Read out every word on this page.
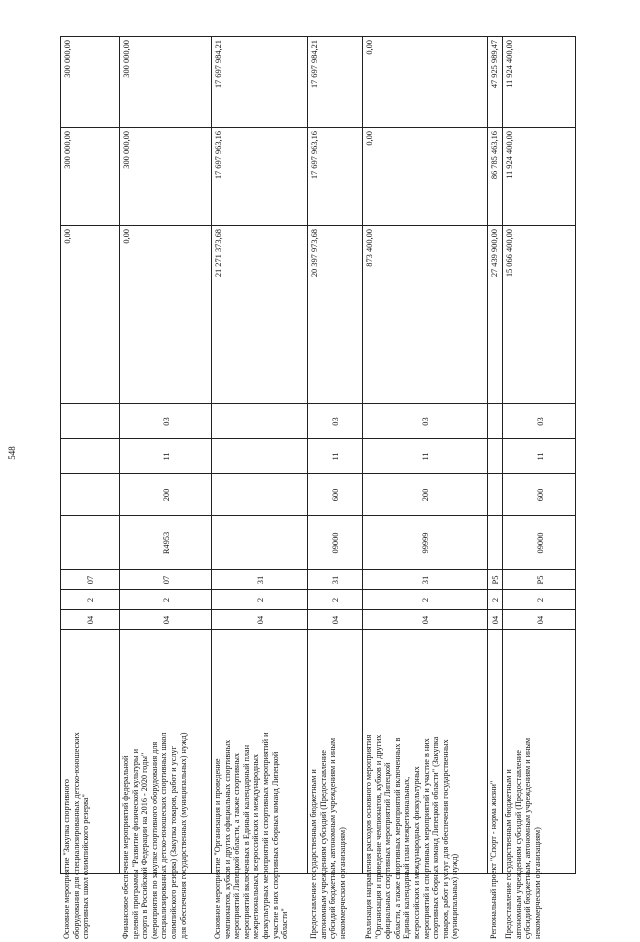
548
300 000,00
300 000,00
0,00
07
2
04
Основное мероприятие "Закупка спортивного оборудования для специализированных детско-юношеских спортивных школ олимпийского резерва"
300 000,00
300 000,00
0,00
03
11
200
R4953
07
2
04
Финансовое обеспечение мероприятий федеральной целевой программы "Развитие физической культуры и спорта в Российской Федерации на 2016 - 2020 годы" (мероприятия по закупке спортивного оборудования для специализированных детско-юношеских спортивных школ олимпийского резерва) (Закупка товаров, работ и услуг для обеспечения государственных (муниципальных) нужд)
17 697 984,21
17 697 963,16
21 271 373,68
31
2
04
Основное мероприятие "Организация и проведение чемпионатов, кубков и других официальных спортивных мероприятий Липецкой области, а также спортивных мероприятий включенных в Единый календарный план межрегиональных, всероссийских и международных физкультурных мероприятий и спортивных мероприятий и участие в них спортивных сборных команд Липецкой области"
17 697 984,21
17 697 963,16
20 397 973,68
03
11
600
09000
31
2
04
Предоставление государственным бюджетным и автономным учреждениям субсидий (Предоставление субсидий бюджетным, автономным учреждениям и иным некоммерческим организациям)
0,00
0,00
873 400,00
03
11
200
99999
31
2
04
Реализация направления расходов основного мероприятия "Организация и проведение чемпионатов, кубков и других официальных спортивных мероприятий Липецкой области, а также спортивных мероприятий включенных в Единый календарный план межрегиональных, всероссийских и международных физкультурных мероприятий и спортивных мероприятий и участие в них спортивных сборных команд Липецкой области" (Закупка товаров, работ и услуг для обеспечения государственных (муниципальных) нужд)
47 925 989,47
86 785 463,16
27 439 900,00
P5
2
04
Региональный проект "Спорт - норма жизни"
11 924 400,00
11 924 400,00
15 066 400,00
03
11
600
09000
P5
2
04
Предоставление государственным бюджетным и автономным учреждениям субсидий (Предоставление субсидий бюджетным, автономным учреждениям и иным некоммерческим организациям)
